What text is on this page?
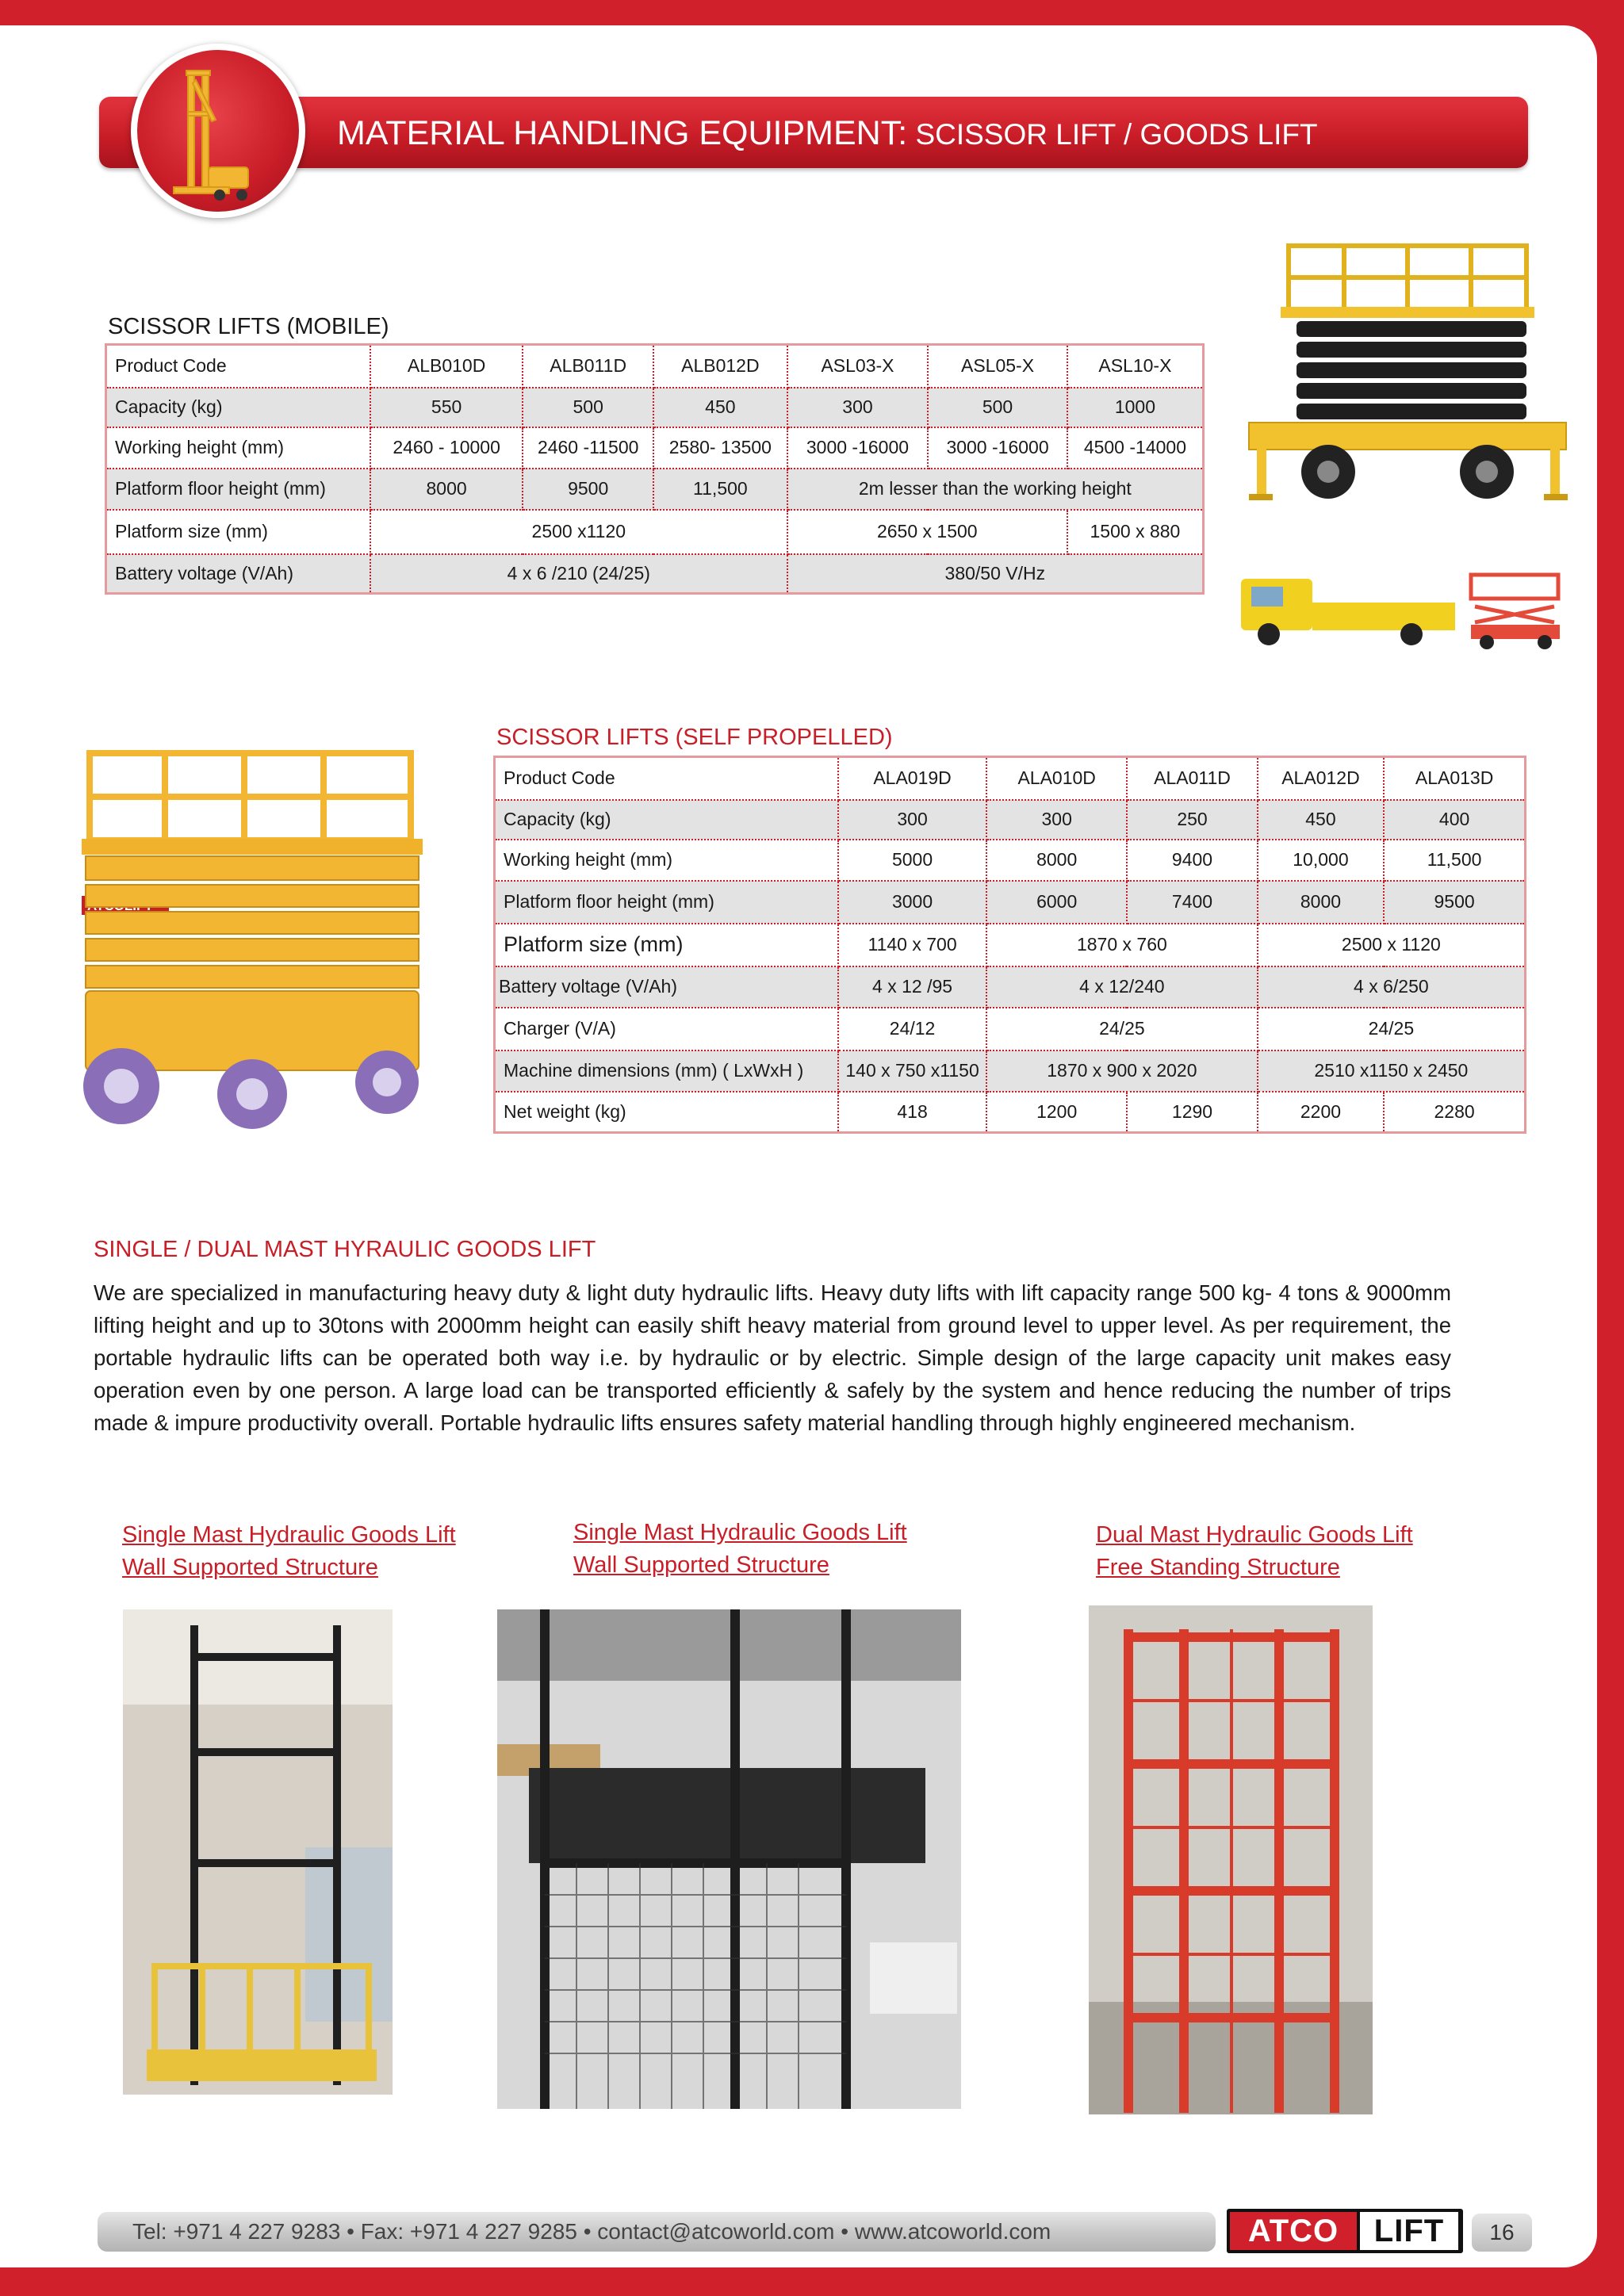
MATERIAL HANDLING EQUIPMENT: SCISSOR LIFT / GOODS LIFT
SCISSOR LIFTS (MOBILE)
Product Code	ALB010D	ALB011D	ALB012D	ASL03-X	ASL05-X	ASL10-X
Capacity (kg)	550	500	450	300	500	1000
Working height (mm)	2460 - 10000	2460 -11500	2580- 13500	3000 -16000	3000 -16000	4500 -14000
Platform floor height (mm)	8000	9500	11,500	2m lesser than the working height		
Platform size (mm)	2500 x1120			2650 x 1500		1500 x 880
Battery voltage (V/Ah)	4 x 6 /210 (24/25)			380/50 V/Hz		
SCISSOR LIFTS (SELF PROPELLED)
Product Code	ALA019D	ALA010D	ALA011D	ALA012D	ALA013D
Capacity (kg)	300	300	250	450	400
Working height (mm)	5000	8000	9400	10,000	11,500
Platform floor height (mm)	3000	6000	7400	8000	9500
Platform size (mm)	1140 x 700	1870 x 760		2500 x 1120	
Battery voltage (V/Ah)	4 x 12 /95	4 x 12/240		4 x 6/250	
Charger (V/A)	24/12	24/25		24/25	
Machine dimensions (mm) ( LxWxH )	140 x 750 x1150	1870 x 900 x 2020		2510 x1150 x 2450	
Net weight (kg)	418	1200	1290	2200	2280
SINGLE / DUAL MAST HYRAULIC GOODS LIFT
We are specialized in manufacturing heavy duty & light duty hydraulic lifts. Heavy duty lifts with lift capacity range 500 kg- 4 tons & 9000mm lifting height and up to 30tons with 2000mm height can easily shift heavy material from ground level to upper level. As per requirement, the portable hydraulic lifts can be operated both way i.e. by hydraulic or by electric. Simple design of the large capacity unit makes easy operation even by one person. A large load can be transported efficiently & safely by the system and hence reducing the number of trips made & impure productivity overall. Portable hydraulic lifts ensures safety material handling through highly engineered mechanism.
Single Mast Hydraulic Goods Lift
Wall Supported Structure
Single Mast Hydraulic Goods Lift
Wall Supported Structure
Dual Mast Hydraulic Goods Lift
Free Standing Structure
Tel: +971 4 227 9283 • Fax: +971 4 227 9285 • contact@atcoworld.com • www.atcoworld.com	ATCO	LIFT	16
